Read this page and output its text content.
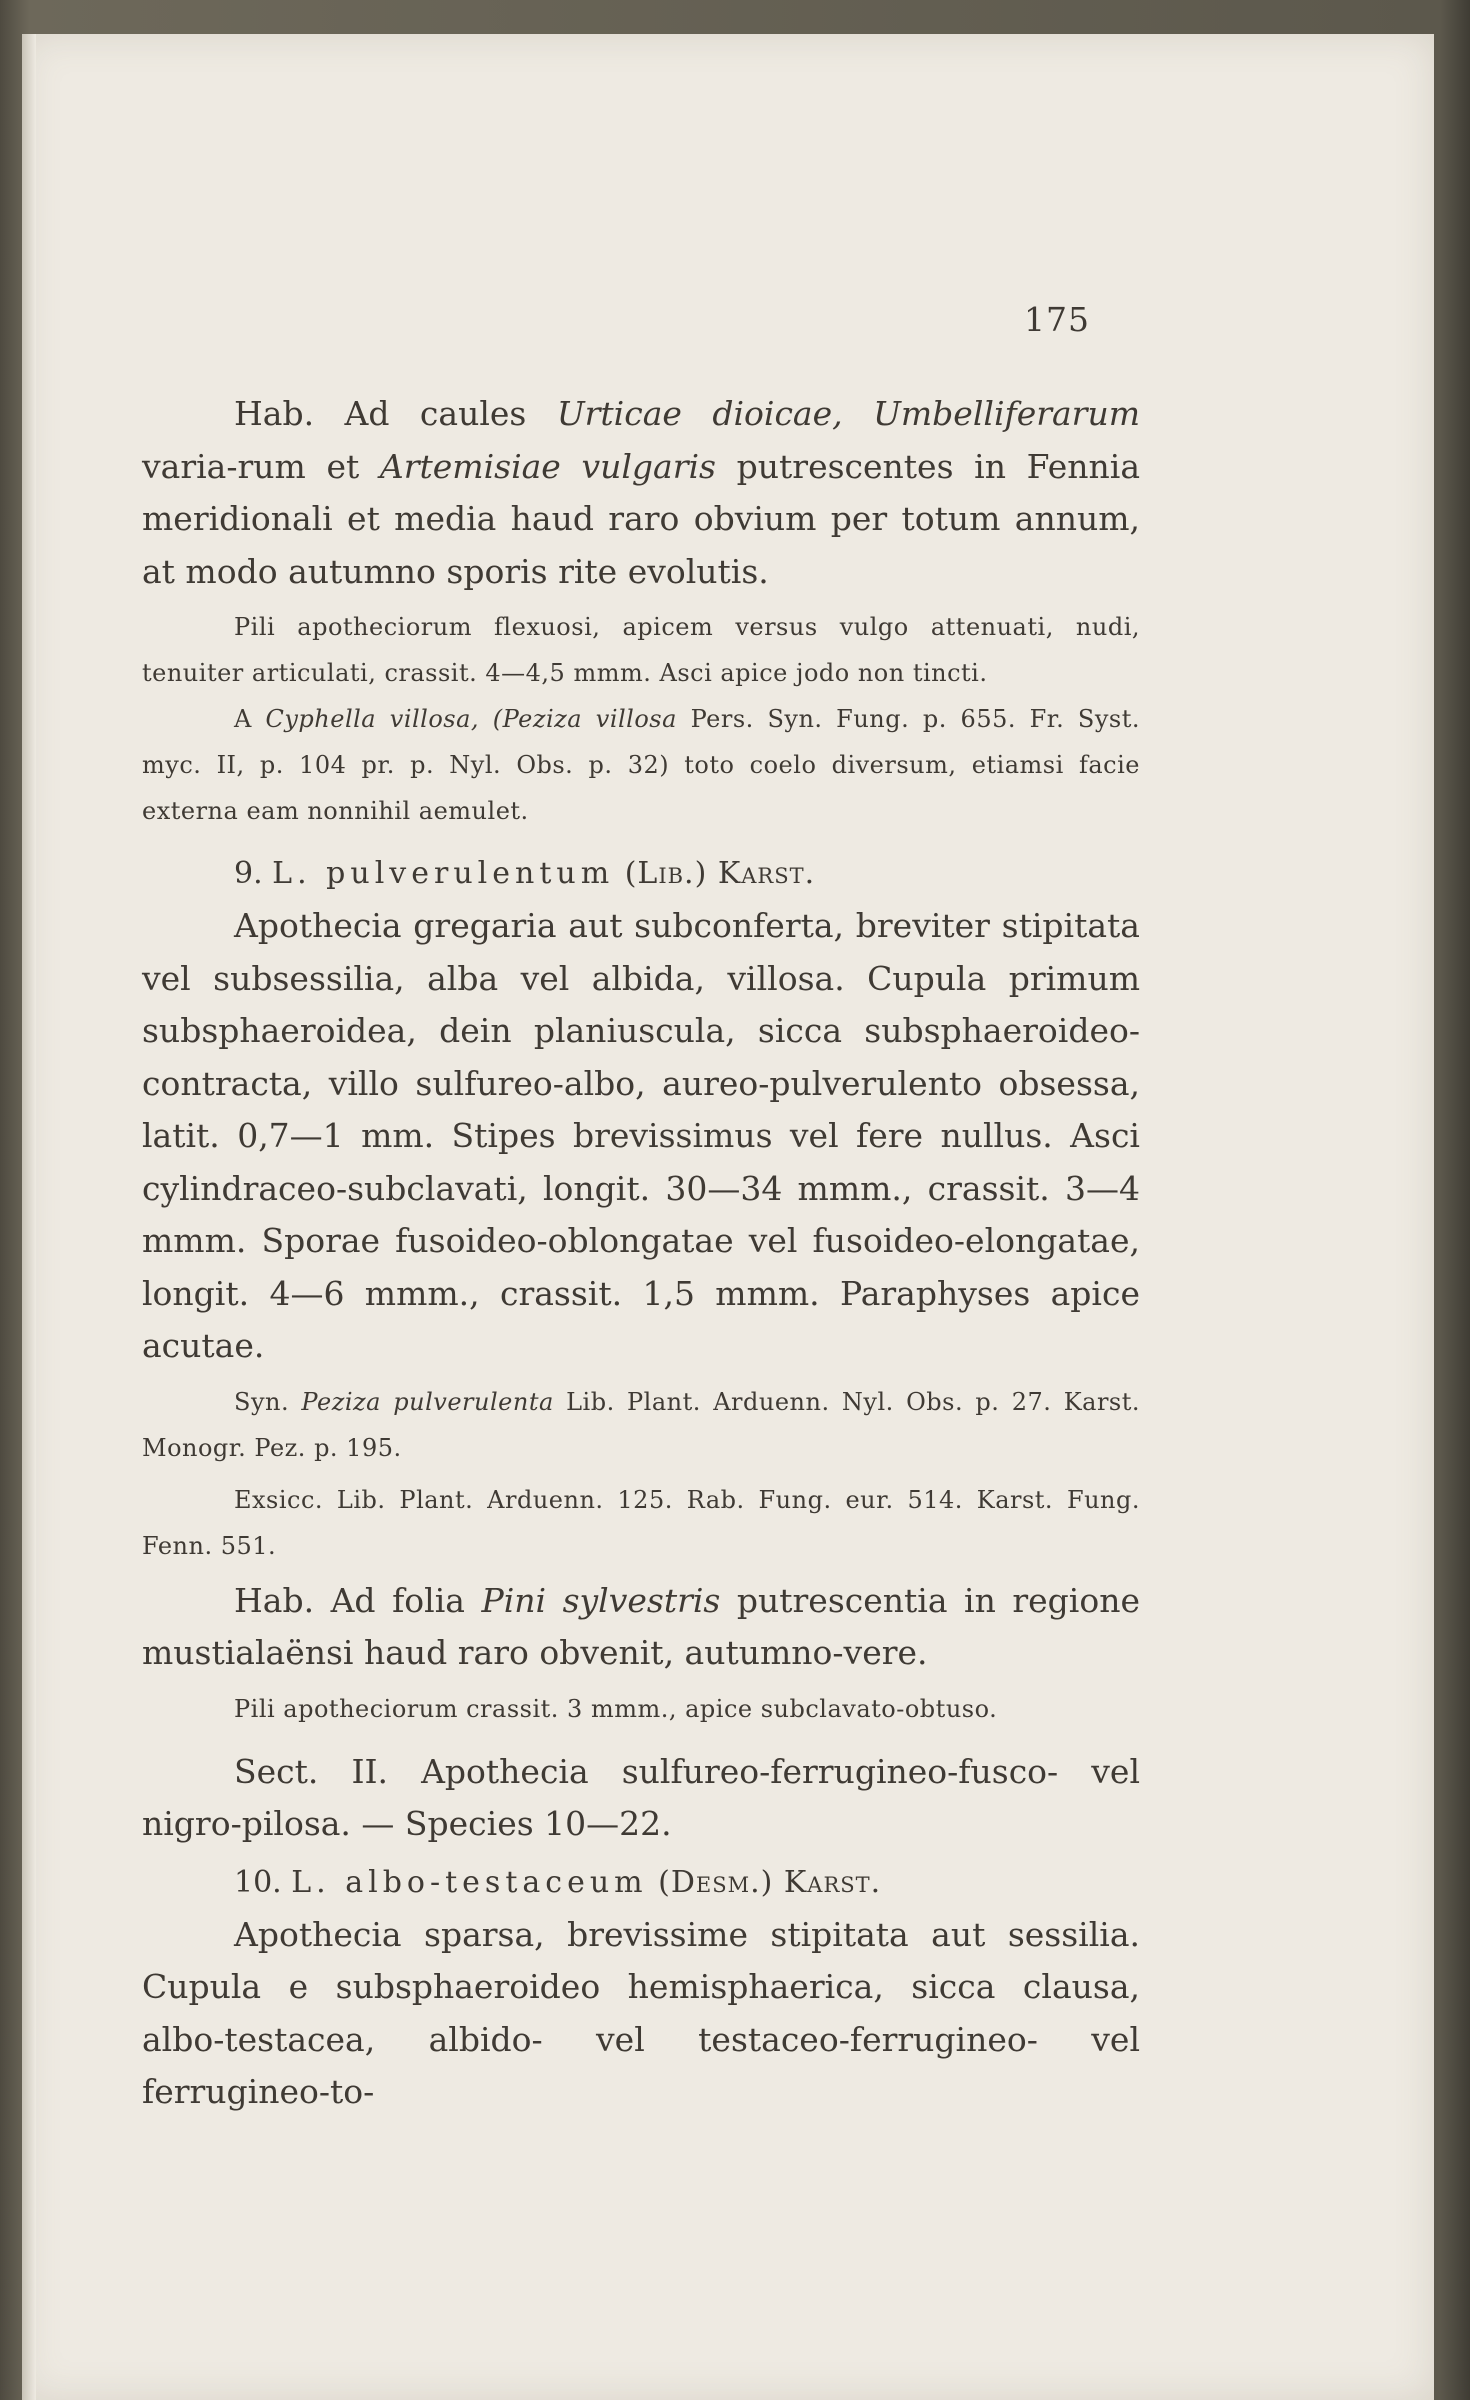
175

Hab. Ad caules Urticae dioicae, Umbelliferarum varia-rum et Artemisiae vulgaris putrescentes in Fennia meridionali et media haud raro obvium per totum annum, at modo autumno sporis rite evolutis.

Pili apotheciorum flexuosi, apicem versus vulgo attenuati, nudi, tenuiter articulati, crassit. 4—4,5 mmm. Asci apice jodo non tincti.

A Cyphella villosa, (Peziza villosa Pers. Syn. Fung. p. 655. Fr. Syst. myc. II, p. 104 pr. p. Nyl. Obs. p. 32) toto coelo diversum, etiamsi facie externa eam nonnihil aemulet.

9. L. pulverulentum (Lib.) Karst.

Apothecia gregaria aut subconferta, breviter stipitata vel subsessilia, alba vel albida, villosa. Cupula primum subsphaeroidea, dein planiuscula, sicca subsphaeroideo-contracta, villo sulfureo-albo, aureo-pulverulento obsessa, latit. 0,7—1 mm. Stipes brevissimus vel fere nullus. Asci cylindraceo-subclavati, longit. 30—34 mmm., crassit. 3—4 mmm. Sporae fusoideo-oblongatae vel fusoideo-elongatae, longit. 4—6 mmm., crassit. 1,5 mmm. Paraphyses apice acutae.

Syn. Peziza pulverulenta Lib. Plant. Arduenn. Nyl. Obs. p. 27. Karst. Monogr. Pez. p. 195.

Exsicc. Lib. Plant. Arduenn. 125. Rab. Fung. eur. 514. Karst. Fung. Fenn. 551.

Hab. Ad folia Pini sylvestris putrescentia in regione mustialaënsi haud raro obvenit, autumno-vere.

Pili apotheciorum crassit. 3 mmm., apice subclavato-obtuso.

Sect. II. Apothecia sulfureo-ferrugineo-fusco- vel nigro-pilosa. — Species 10—22.

10. L. albo-testaceum (Desm.) Karst.

Apothecia sparsa, brevissime stipitata aut sessilia. Cupula e subsphaeroideo hemisphaerica, sicca clausa, albo-testacea, albido- vel testaceo-ferrugineo- vel ferrugineo-to-
